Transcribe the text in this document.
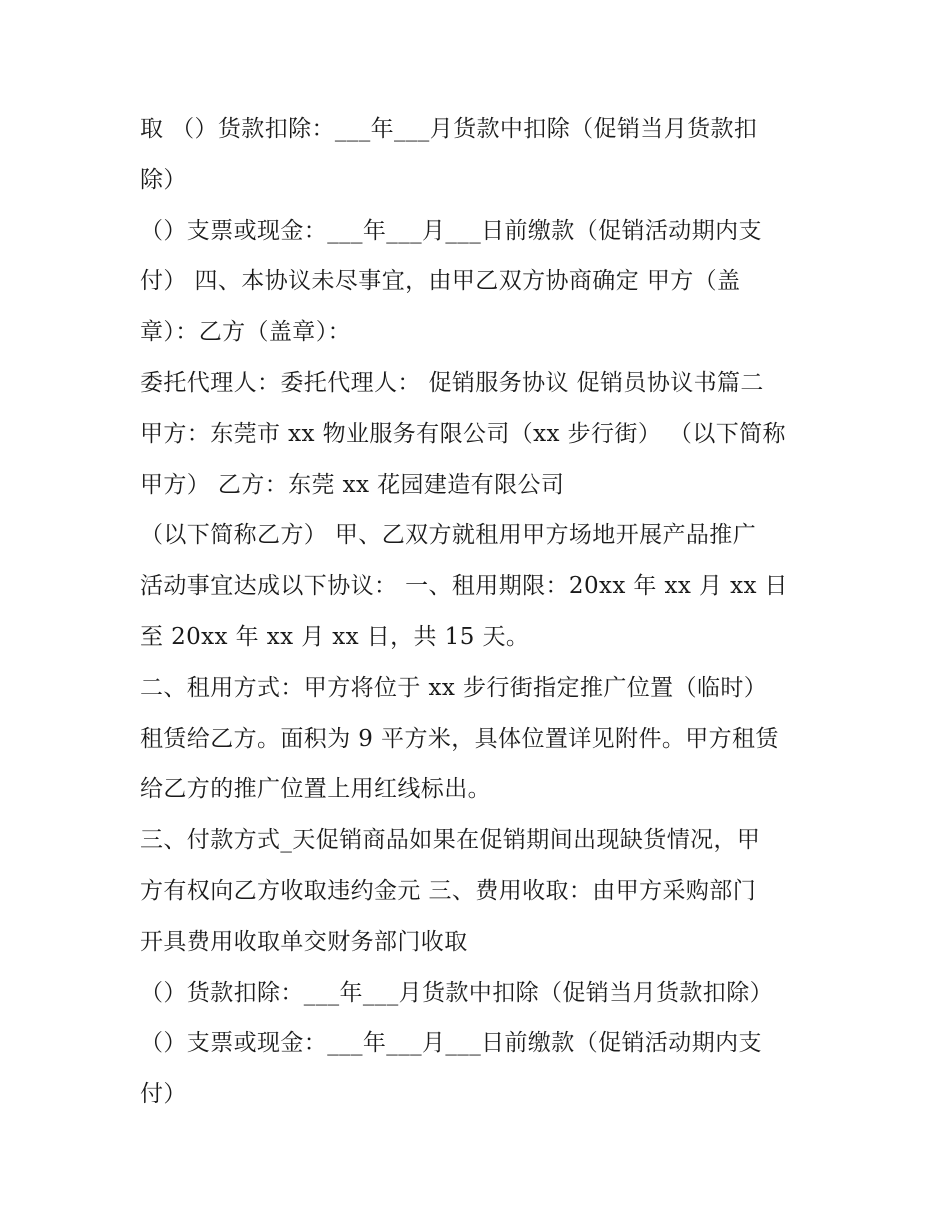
取 （）货款扣除：___年___月货款中扣除（促销当月货款扣
除）
（）支票或现金：___年___月___日前缴款（促销活动期内支
付） 四、本协议未尽事宜，由甲乙双方协商确定 甲方（盖
章）：乙方（盖章）：
委托代理人：委托代理人： 促销服务协议 促销员协议书篇二
甲方：东莞市 xx 物业服务有限公司（xx 步行街） （以下简称
甲方） 乙方：东莞 xx 花园建造有限公司
（以下简称乙方） 甲、乙双方就租用甲方场地开展产品推广
活动事宜达成以下协议： 一、租用期限：20xx 年 xx 月 xx 日
至 20xx 年 xx 月 xx 日，共 15 天。
二、租用方式：甲方将位于 xx 步行街指定推广位置（临时）
租赁给乙方。面积为 9 平方米，具体位置详见附件。甲方租赁
给乙方的推广位置上用红线标出。
三、付款方式_天促销商品如果在促销期间出现缺货情况，甲
方有权向乙方收取违约金元 三、费用收取：由甲方采购部门
开具费用收取单交财务部门收取
（）货款扣除：___年___月货款中扣除（促销当月货款扣除）
（）支票或现金：___年___月___日前缴款（促销活动期内支
付）
